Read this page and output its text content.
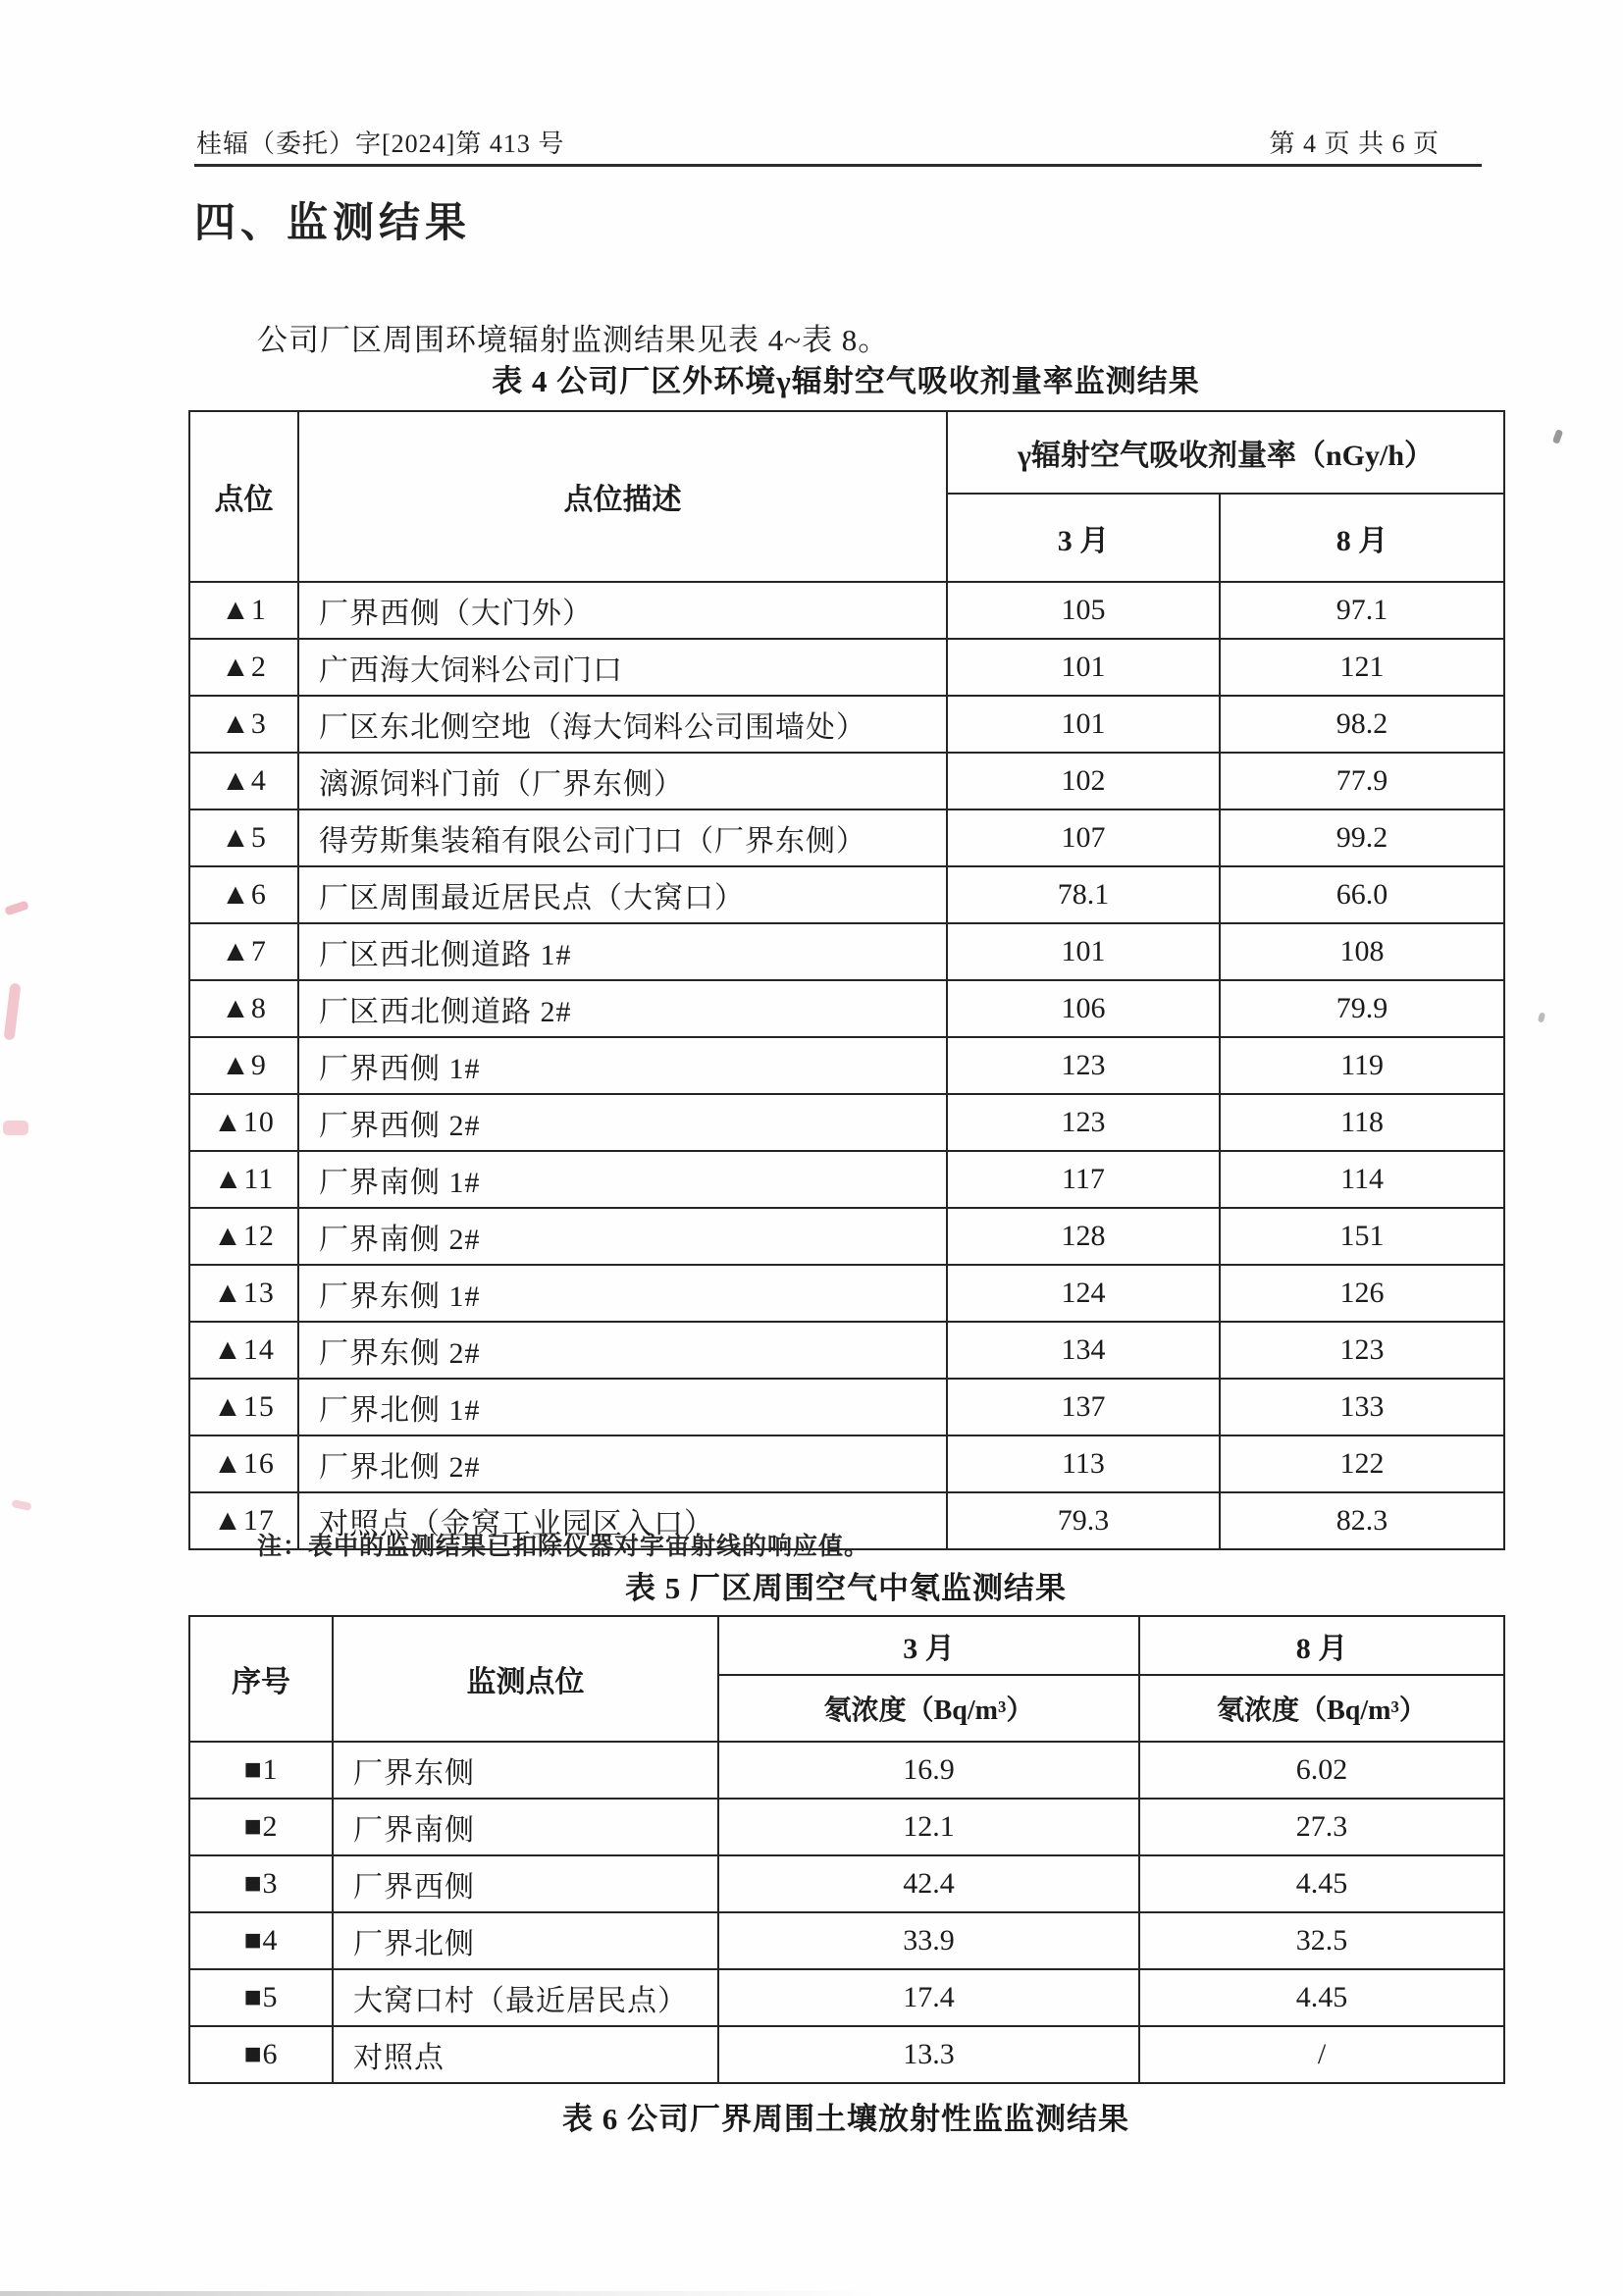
桂辐（委托）字[2024]第 413 号	第 4 页 共 6 页
四、监测结果

公司厂区周围环境辐射监测结果见表 4~表 8。

表 4 公司厂区外环境γ辐射空气吸收剂量率监测结果
点位	点位描述	γ辐射空气吸收剂量率（nGy/h）	
		3 月	8 月
▲1	厂界西侧（大门外）	105	97.1
▲2	广西海大饲料公司门口	101	121
▲3	厂区东北侧空地（海大饲料公司围墙处）	101	98.2
▲4	漓源饲料门前（厂界东侧）	102	77.9
▲5	得劳斯集装箱有限公司门口（厂界东侧）	107	99.2
▲6	厂区周围最近居民点（大窝口）	78.1	66.0
▲7	厂区西北侧道路 1#	101	108
▲8	厂区西北侧道路 2#	106	79.9
▲9	厂界西侧 1#	123	119
▲10	厂界西侧 2#	123	118
▲11	厂界南侧 1#	117	114
▲12	厂界南侧 2#	128	151
▲13	厂界东侧 1#	124	126
▲14	厂界东侧 2#	134	123
▲15	厂界北侧 1#	137	133
▲16	厂界北侧 2#	113	122
▲17	对照点（金窝工业园区入口）	79.3	82.3
注：表中的监测结果已扣除仪器对宇宙射线的响应值。
表 5 厂区周围空气中氡监测结果
序号	监测点位	3 月	8 月
		氡浓度（Bq/m³）	氡浓度（Bq/m³）
■1	厂界东侧	16.9	6.02
■2	厂界南侧	12.1	27.3
■3	厂界西侧	42.4	4.45
■4	厂界北侧	33.9	32.5
■5	大窝口村（最近居民点）	17.4	4.45
■6	对照点	13.3	/
表 6 公司厂界周围土壤放射性监监测结果
